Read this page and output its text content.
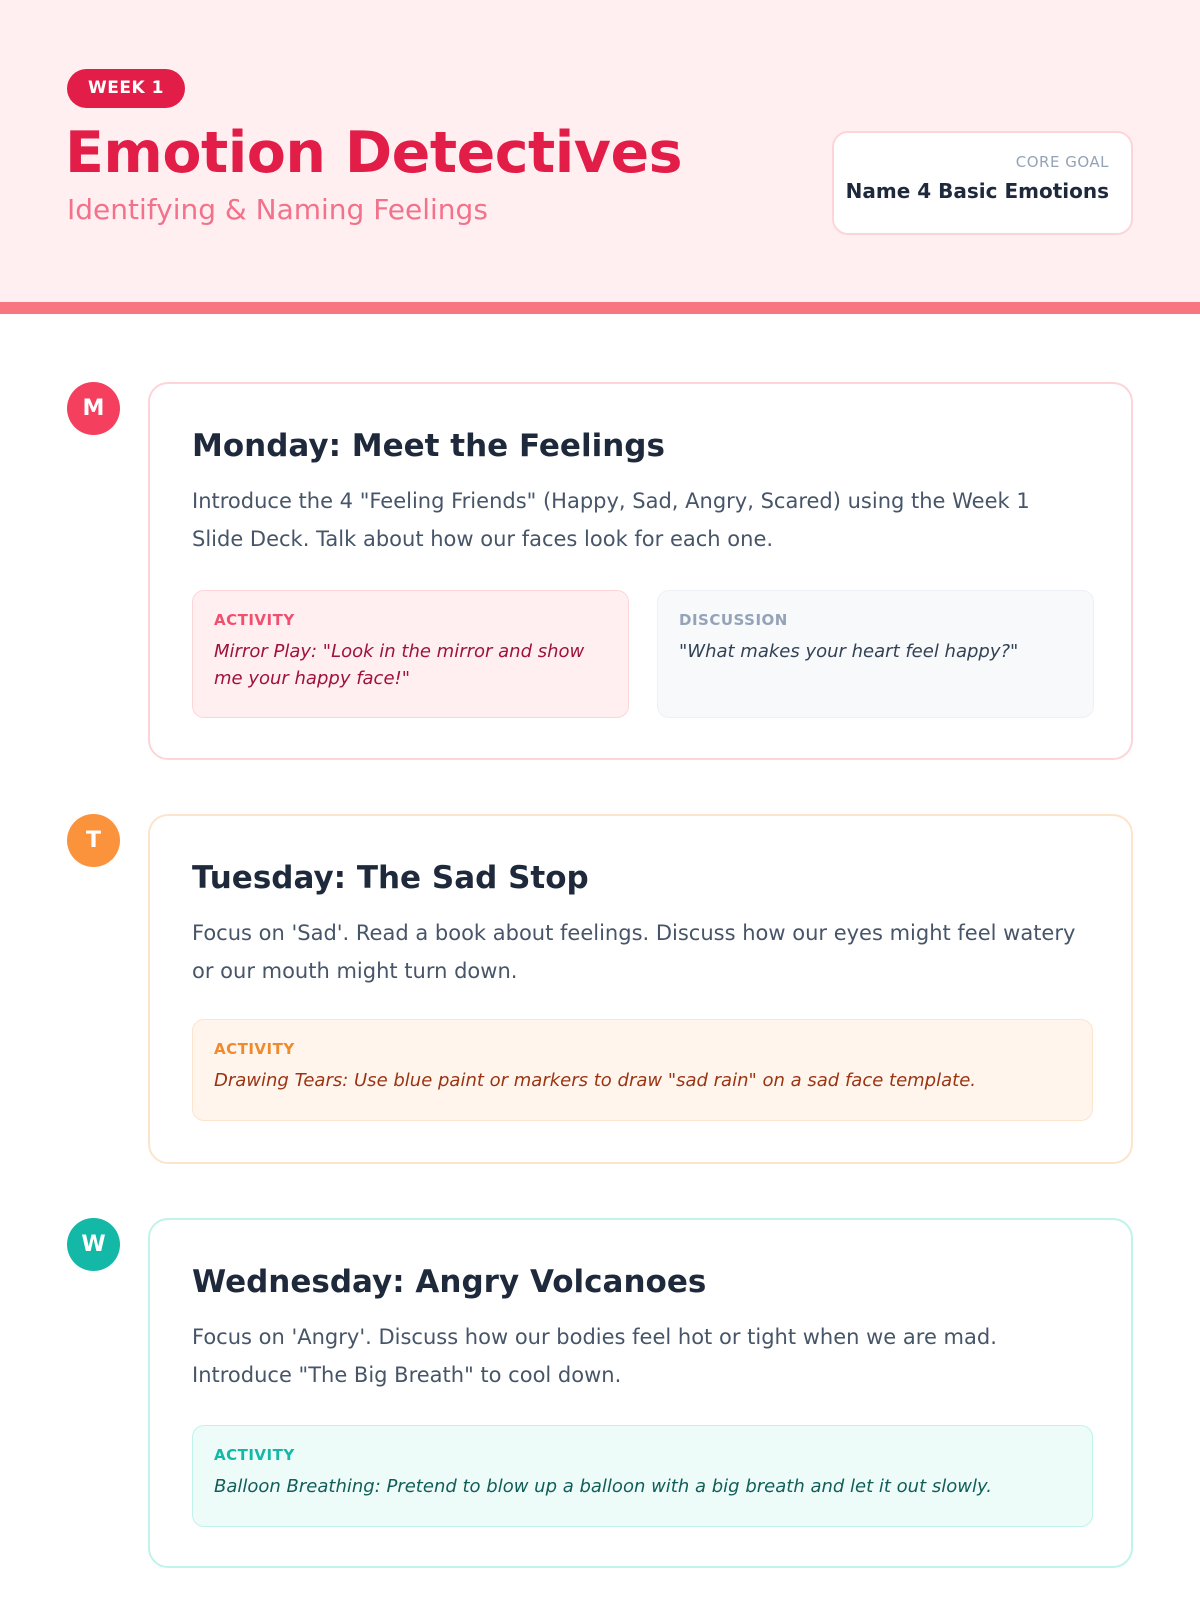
WEEK 1
Emotion Detectives
Identifying & Naming Feelings
CORE GOAL
Name 4 Basic Emotions
M
Monday: Meet the Feelings

Introduce the 4 "Feeling Friends" (Happy, Sad, Angry, Scared) using the Week 1 Slide Deck. Talk about how our faces look for each one.

ACTIVITY
Mirror Play: "Look in the mirror and show me your happy face!"
DISCUSSION
"What makes your heart feel happy?"
T
Tuesday: The Sad Stop

Focus on 'Sad'. Read a book about feelings. Discuss how our eyes might feel watery or our mouth might turn down.

ACTIVITY
Drawing Tears: Use blue paint or markers to draw "sad rain" on a sad face template.
W
Wednesday: Angry Volcanoes

Focus on 'Angry'. Discuss how our bodies feel hot or tight when we are mad. Introduce "The Big Breath" to cool down.

ACTIVITY
Balloon Breathing: Pretend to blow up a balloon with a big breath and let it out slowly.
